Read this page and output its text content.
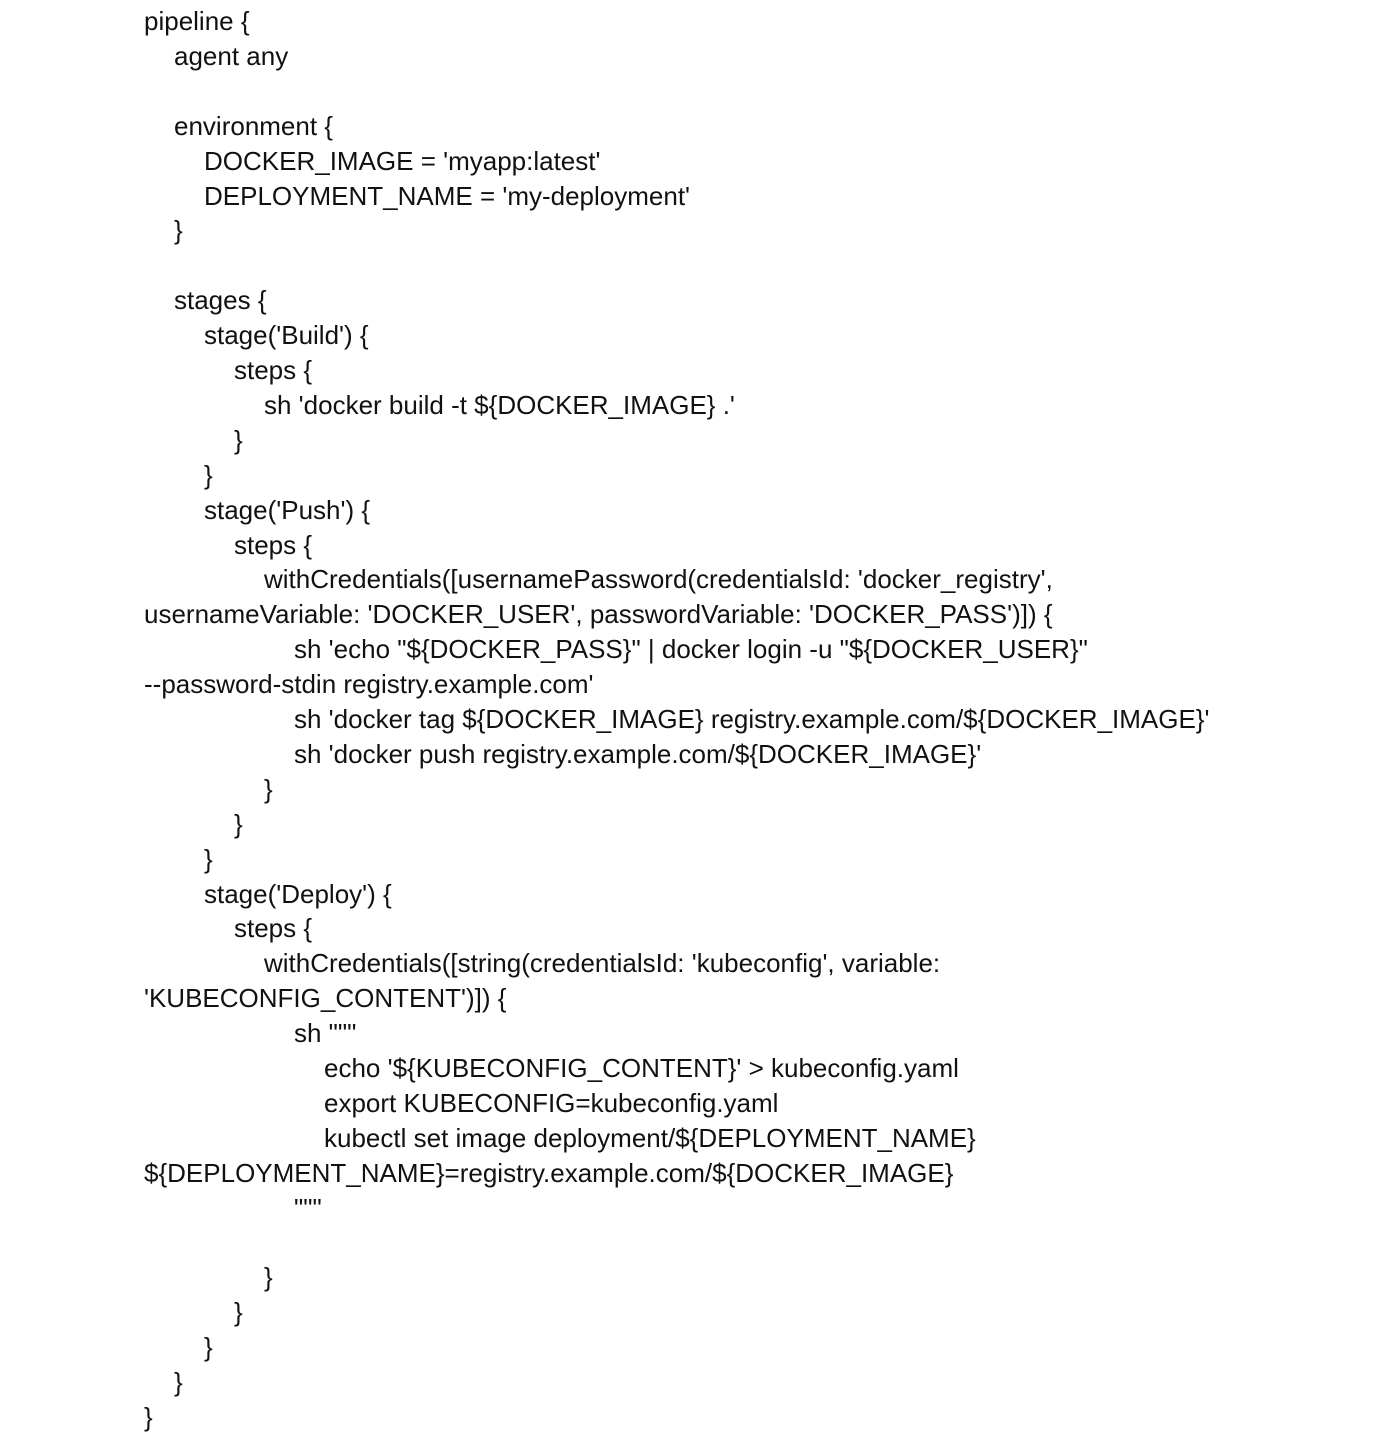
pipeline {
agent any
environment {
DOCKER_IMAGE = 'myapp:latest'
DEPLOYMENT_NAME = 'my-deployment'
}
stages {
stage('Build') {
steps {
sh 'docker build -t ${DOCKER_IMAGE} .'
}
}
stage('Push') {
steps {
withCredentials([usernamePassword(credentialsId: 'docker_registry',
usernameVariable: 'DOCKER_USER', passwordVariable: 'DOCKER_PASS')]) {
sh 'echo "${DOCKER_PASS}" | docker login -u "${DOCKER_USER}"
--password-stdin registry.example.com'
sh 'docker tag ${DOCKER_IMAGE} registry.example.com/${DOCKER_IMAGE}'
sh 'docker push registry.example.com/${DOCKER_IMAGE}'
}
}
}
stage('Deploy') {
steps {
withCredentials([string(credentialsId: 'kubeconfig', variable:
'KUBECONFIG_CONTENT')]) {
sh """
echo '${KUBECONFIG_CONTENT}' > kubeconfig.yaml
export KUBECONFIG=kubeconfig.yaml
kubectl set image deployment/${DEPLOYMENT_NAME}
${DEPLOYMENT_NAME}=registry.example.com/${DOCKER_IMAGE}
"""
}
}
}
}
}
